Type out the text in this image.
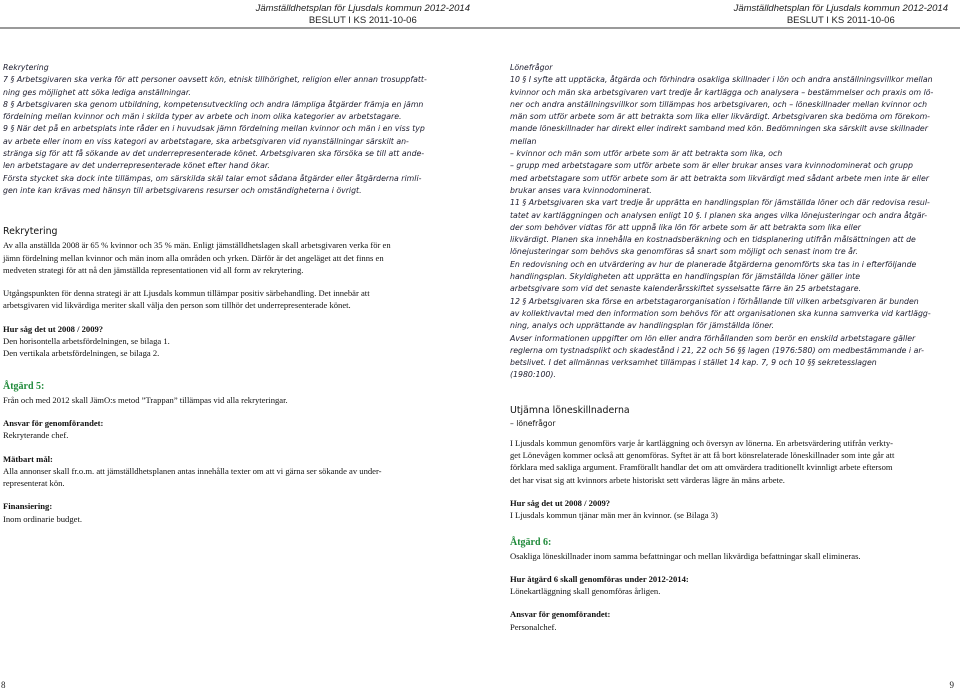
Jämställdhetsplan för Ljusdals kommun 2012-2014
BESLUT I KS 2011-10-06

Rekrytering

7 § Arbetsgivaren ska verka för att personer oavsett kön, etnisk tillhörighet, religion eller annan trosuppfatt-

ning ges möjlighet att söka lediga anställningar.

8 § Arbetsgivaren ska genom utbildning, kompetensutveckling och andra lämpliga åtgärder främja en jämn

fördelning mellan kvinnor och män i skilda typer av arbete och inom olika kategorier av arbetstagare.

9 § När det på en arbetsplats inte råder en i huvudsak jämn fördelning mellan kvinnor och män i en viss typ

av arbete eller inom en viss kategori av arbetstagare, ska arbetsgivaren vid nyanställningar särskilt an-

stränga sig för att få sökande av det underrepresenterade könet. Arbetsgivaren ska försöka se till att ande-

len arbetstagare av det underrepresenterade könet efter hand ökar.

Första stycket ska dock inte tillämpas, om särskilda skäl talar emot sådana åtgärder eller åtgärderna rimli-

gen inte kan krävas med hänsyn till arbetsgivarens resurser och omständigheterna i övrigt.

Rekrytering

Av alla anställda 2008 är 65 % kvinnor och 35 % män. Enligt jämställdhetslagen skall arbetsgivaren verka för en

jämn fördelning mellan kvinnor och män inom alla områden och yrken. Därför är det angeläget att det finns en

medveten strategi för att nå den jämställda representationen vid all form av rekrytering.

Utgångspunkten för denna strategi är att Ljusdals kommun tillämpar positiv särbehandling. Det innebär att

arbetsgivaren vid likvärdiga meriter skall välja den person som tillhör det underrepresenterade könet.

Hur såg det ut 2008 / 2009?

Den horisontella arbetsfördelningen, se bilaga 1.

Den vertikala arbetsfördelningen, se bilaga 2.

Åtgärd 5:

Från och med 2012 skall JämO:s metod ”Trappan” tillämpas vid alla rekryteringar.

Ansvar för genomförandet:

Rekryterande chef.

Mätbart mål:

Alla annonser skall fr.o.m. att jämställdhetsplanen antas innehålla texter om att vi gärna ser sökande av under-

representerat kön.

Finansiering:

Inom ordinarie budget.

8
Jämställdhetsplan för Ljusdals kommun 2012-2014
BESLUT I KS 2011-10-06

Lönefrågor

10 § I syfte att upptäcka, åtgärda och förhindra osakliga skillnader i lön och andra anställningsvillkor mellan

kvinnor och män ska arbetsgivaren vart tredje år kartlägga och analysera – bestämmelser och praxis om lö-

ner och andra anställningsvillkor som tillämpas hos arbetsgivaren, och – löneskillnader mellan kvinnor och

män som utför arbete som är att betrakta som lika eller likvärdigt. Arbetsgivaren ska bedöma om förekom-

mande löneskillnader har direkt eller indirekt samband med kön. Bedömningen ska särskilt avse skillnader

mellan

– kvinnor och män som utför arbete som är att betrakta som lika, och

– grupp med arbetstagare som utför arbete som är eller brukar anses vara kvinnodominerat och grupp

med arbetstagare som utför arbete som är att betrakta som likvärdigt med sådant arbete men inte är eller

brukar anses vara kvinnodominerat.

11 § Arbetsgivaren ska vart tredje år upprätta en handlingsplan för jämställda löner och där redovisa resul-

tatet av kartläggningen och analysen enligt 10 §. I planen ska anges vilka lönejusteringar och andra åtgär-

der som behöver vidtas för att uppnå lika lön för arbete som är att betrakta som lika eller

likvärdigt. Planen ska innehålla en kostnadsberäkning och en tidsplanering utifrån målsättningen att de

lönejusteringar som behövs ska genomföras så snart som möjligt och senast inom tre år.

En redovisning och en utvärdering av hur de planerade åtgärderna genomförts ska tas in i efterföljande

handlingsplan. Skyldigheten att upprätta en handlingsplan för jämställda löner gäller inte

arbetsgivare som vid det senaste kalenderårsskiftet sysselsatte färre än 25 arbetstagare.

12 § Arbetsgivaren ska förse en arbetstagarorganisation i förhållande till vilken arbetsgivaren är bunden

av kollektivavtal med den information som behövs för att organisationen ska kunna samverka vid kartlägg-

ning, analys och upprättande av handlingsplan för jämställda löner.

Avser informationen uppgifter om lön eller andra förhållanden som berör en enskild arbetstagare gäller

reglerna om tystnadsplikt och skadestånd i 21, 22 och 56 §§ lagen (1976:580) om medbestämmande i ar-

betslivet. I det allmännas verksamhet tillämpas i stället 14 kap. 7, 9 och 10 §§ sekretesslagen

(1980:100).

Utjämna löneskillnaderna

– lönefrågor

I Ljusdals kommun genomförs varje år kartläggning och översyn av lönerna. En arbetsvärdering utifrån verkty-

get Lönevågen kommer också att genomföras. Syftet är att få bort könsrelaterade löneskillnader som inte går att

förklara med sakliga argument. Framförallt handlar det om att omvärdera traditionellt kvinnligt arbete eftersom

det har visat sig att kvinnors arbete historiskt sett värderas lägre än mäns arbete.

Hur såg det ut 2008 / 2009?

I Ljusdals kommun tjänar män mer än kvinnor. (se Bilaga 3)

Åtgärd 6:

Osakliga löneskillnader inom samma befattningar och mellan likvärdiga befattningar skall elimineras.

Hur åtgärd 6 skall genomföras under 2012-2014:

Lönekartläggning skall genomföras årligen.

Ansvar för genomförandet:

Personalchef.

9
